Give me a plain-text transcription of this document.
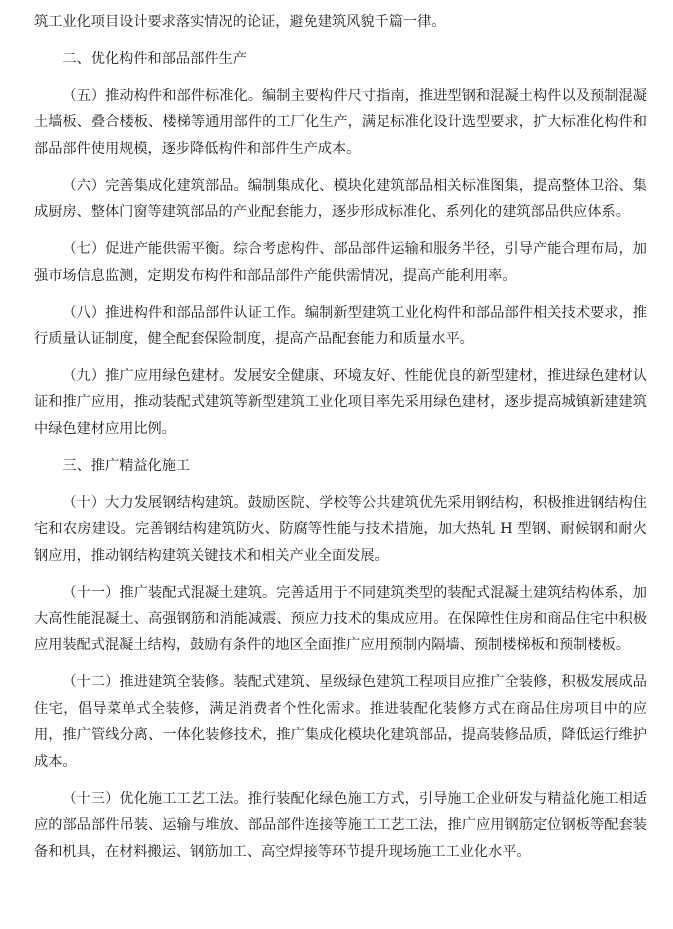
筑工业化项目设计要求落实情况的论证，避免建筑风貌千篇一律。

二、优化构件和部品部件生产

（五）推动构件和部件标准化。编制主要构件尺寸指南，推进型钢和混凝土构件以及预制混凝土墙板、叠合楼板、楼梯等通用部件的工厂化生产，满足标准化设计选型要求，扩大标准化构件和部品部件使用规模，逐步降低构件和部件生产成本。

（六）完善集成化建筑部品。编制集成化、模块化建筑部品相关标准图集，提高整体卫浴、集成厨房、整体门窗等建筑部品的产业配套能力，逐步形成标准化、系列化的建筑部品供应体系。

（七）促进产能供需平衡。综合考虑构件、部品部件运输和服务半径，引导产能合理布局，加强市场信息监测，定期发布构件和部品部件产能供需情况，提高产能利用率。

（八）推进构件和部品部件认证工作。编制新型建筑工业化构件和部品部件相关技术要求，推行质量认证制度，健全配套保险制度，提高产品配套能力和质量水平。

（九）推广应用绿色建材。发展安全健康、环境友好、性能优良的新型建材，推进绿色建材认证和推广应用，推动装配式建筑等新型建筑工业化项目率先采用绿色建材，逐步提高城镇新建建筑中绿色建材应用比例。

三、推广精益化施工

（十）大力发展钢结构建筑。鼓励医院、学校等公共建筑优先采用钢结构，积极推进钢结构住宅和农房建设。完善钢结构建筑防火、防腐等性能与技术措施，加大热轧 H 型钢、耐候钢和耐火钢应用，推动钢结构建筑关键技术和相关产业全面发展。

（十一）推广装配式混凝土建筑。完善适用于不同建筑类型的装配式混凝土建筑结构体系，加大高性能混凝土、高强钢筋和消能减震、预应力技术的集成应用。在保障性住房和商品住宅中积极应用装配式混凝土结构，鼓励有条件的地区全面推广应用预制内隔墙、预制楼梯板和预制楼板。

（十二）推进建筑全装修。装配式建筑、星级绿色建筑工程项目应推广全装修，积极发展成品住宅，倡导菜单式全装修，满足消费者个性化需求。推进装配化装修方式在商品住房项目中的应用，推广管线分离、一体化装修技术，推广集成化模块化建筑部品，提高装修品质，降低运行维护成本。

（十三）优化施工工艺工法。推行装配化绿色施工方式，引导施工企业研发与精益化施工相适应的部品部件吊装、运输与堆放、部品部件连接等施工工艺工法，推广应用钢筋定位钢板等配套装备和机具，在材料搬运、钢筋加工、高空焊接等环节提升现场施工工业化水平。
